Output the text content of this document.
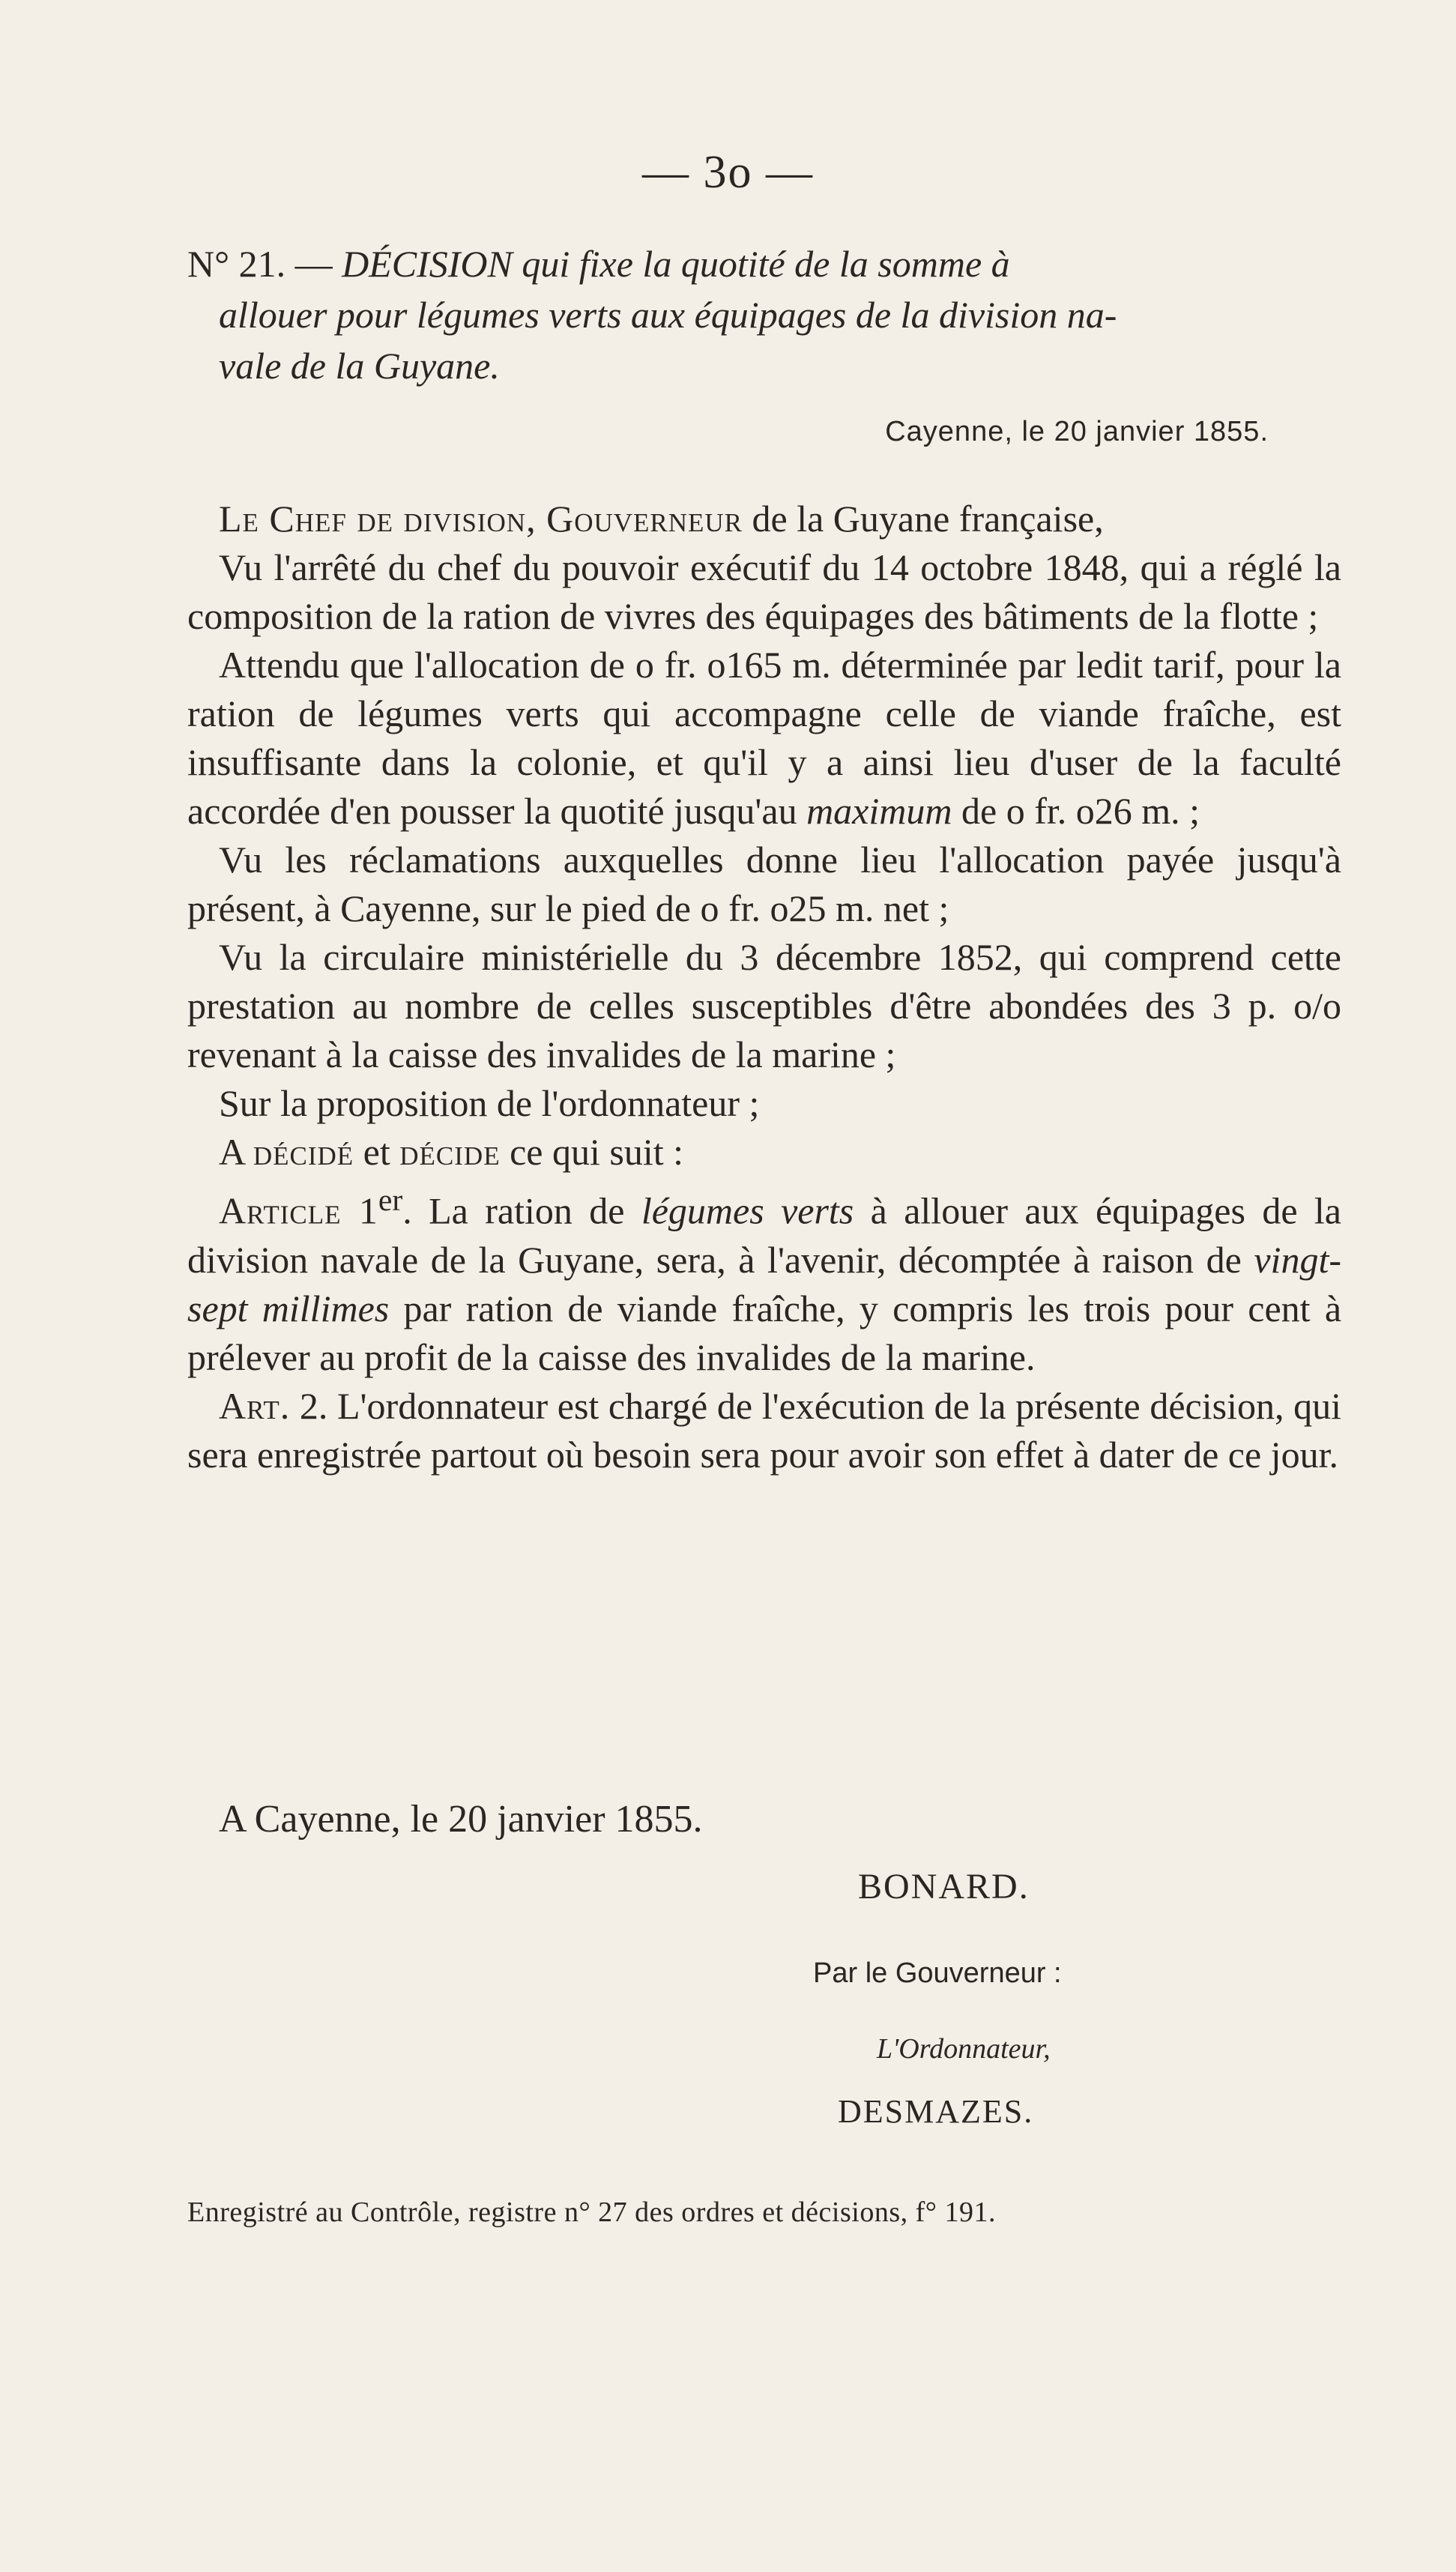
— 3o —
N° 21. — DÉCISION qui fixe la quotité de la somme à
allouer pour légumes verts aux équipages de la division na-
vale de la Guyane.
Cayenne, le 20 janvier 1855.

Le Chef de division, Gouverneur de la Guyane française,

Vu l'arrêté du chef du pouvoir exécutif du 14 octobre 1848, qui a réglé la composition de la ration de vivres des équipages des bâtiments de la flotte ;

Attendu que l'allocation de o fr. o165 m. déterminée par ledit tarif, pour la ration de légumes verts qui accompagne celle de viande fraîche, est insuffisante dans la colonie, et qu'il y a ainsi lieu d'user de la faculté accordée d'en pousser la quotité jusqu'au maximum de o fr. o26 m. ;

Vu les réclamations auxquelles donne lieu l'allocation payée jusqu'à présent, à Cayenne, sur le pied de o fr. o25 m. net ;

Vu la circulaire ministérielle du 3 décembre 1852, qui comprend cette prestation au nombre de celles susceptibles d'être abondées des 3 p. o/o revenant à la caisse des invalides de la marine ;

Sur la proposition de l'ordonnateur ;

A décidé et décide ce qui suit :

Article 1er. La ration de légumes verts à allouer aux équipages de la division navale de la Guyane, sera, à l'avenir, décomptée à raison de vingt-sept millimes par ration de viande fraîche, y compris les trois pour cent à prélever au profit de la caisse des invalides de la marine.

Art. 2. L'ordonnateur est chargé de l'exécution de la présente décision, qui sera enregistrée partout où besoin sera pour avoir son effet à dater de ce jour.

A Cayenne, le 20 janvier 1855.
BONARD.
Par le Gouverneur :
L'Ordonnateur,
DESMAZES.
Enregistré au Contrôle, registre n° 27 des ordres et décisions, f° 191.
